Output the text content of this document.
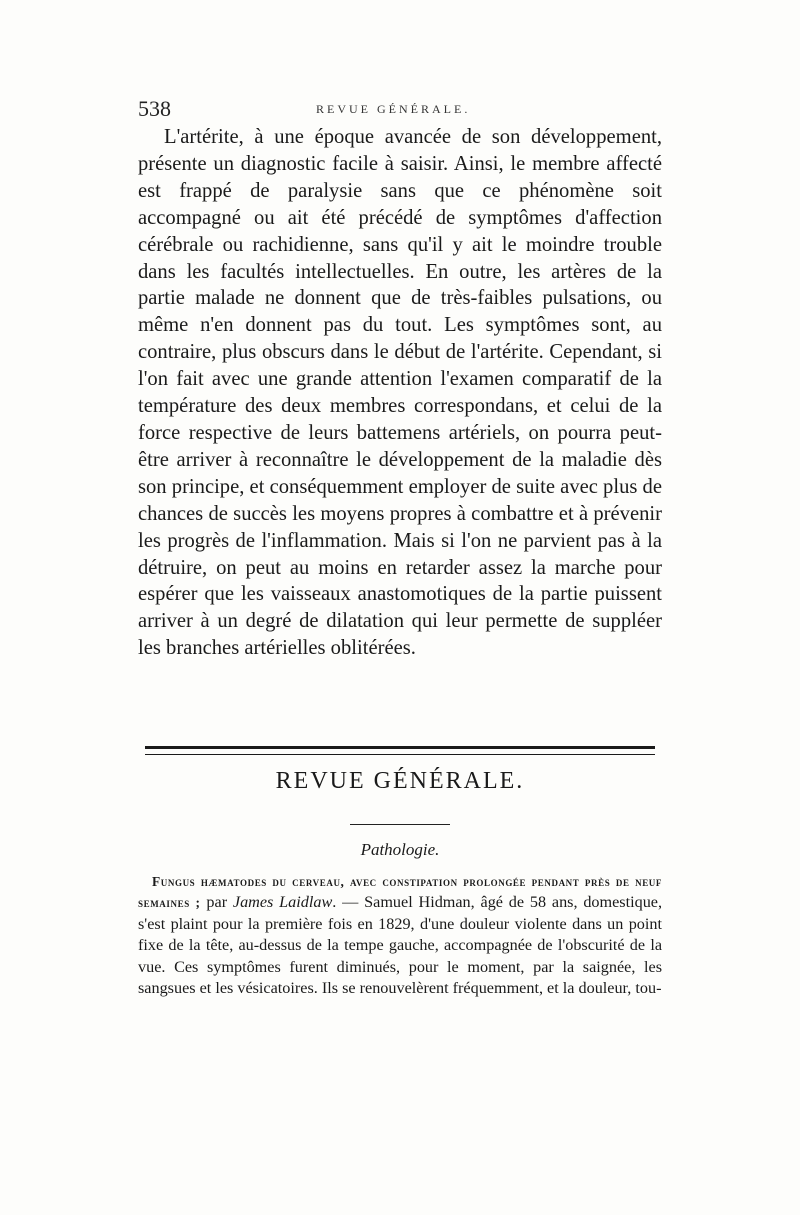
538	REVUE GÉNÉRALE.

L'artérite, à une époque avancée de son développement, présente un diagnostic facile à saisir. Ainsi, le membre affecté est frappé de paralysie sans que ce phénomène soit accompagné ou ait été précédé de symptômes d'affection cérébrale ou rachidienne, sans qu'il y ait le moindre trouble dans les facultés intellectuelles. En outre, les artères de la partie malade ne donnent que de très-faibles pulsations, ou même n'en donnent pas du tout. Les symptômes sont, au contraire, plus obscurs dans le début de l'artérite. Cependant, si l'on fait avec une grande attention l'examen comparatif de la température des deux membres correspondans, et celui de la force respective de leurs battemens artériels, on pourra peut-être arriver à reconnaître le développement de la maladie dès son principe, et conséquemment employer de suite avec plus de chances de succès les moyens propres à combattre et à prévenir les progrès de l'inflammation. Mais si l'on ne parvient pas à la détruire, on peut au moins en retarder assez la marche pour espérer que les vaisseaux anastomotiques de la partie puissent arriver à un degré de dilatation qui leur permette de suppléer les branches artérielles oblitérées.

REVUE GÉNÉRALE.
Pathologie.

Fungus hæmatodes du cerveau, avec constipation prolongée pendant près de neuf semaines ; par James Laidlaw. — Samuel Hidman, âgé de 58 ans, domestique, s'est plaint pour la première fois en 1829, d'une douleur violente dans un point fixe de la tête, au-dessus de la tempe gauche, accompagnée de l'obscurité de la vue. Ces symptômes furent diminués, pour le moment, par la saignée, les sangsues et les vésicatoires. Ils se renouvelèrent fréquemment, et la douleur, tou-
